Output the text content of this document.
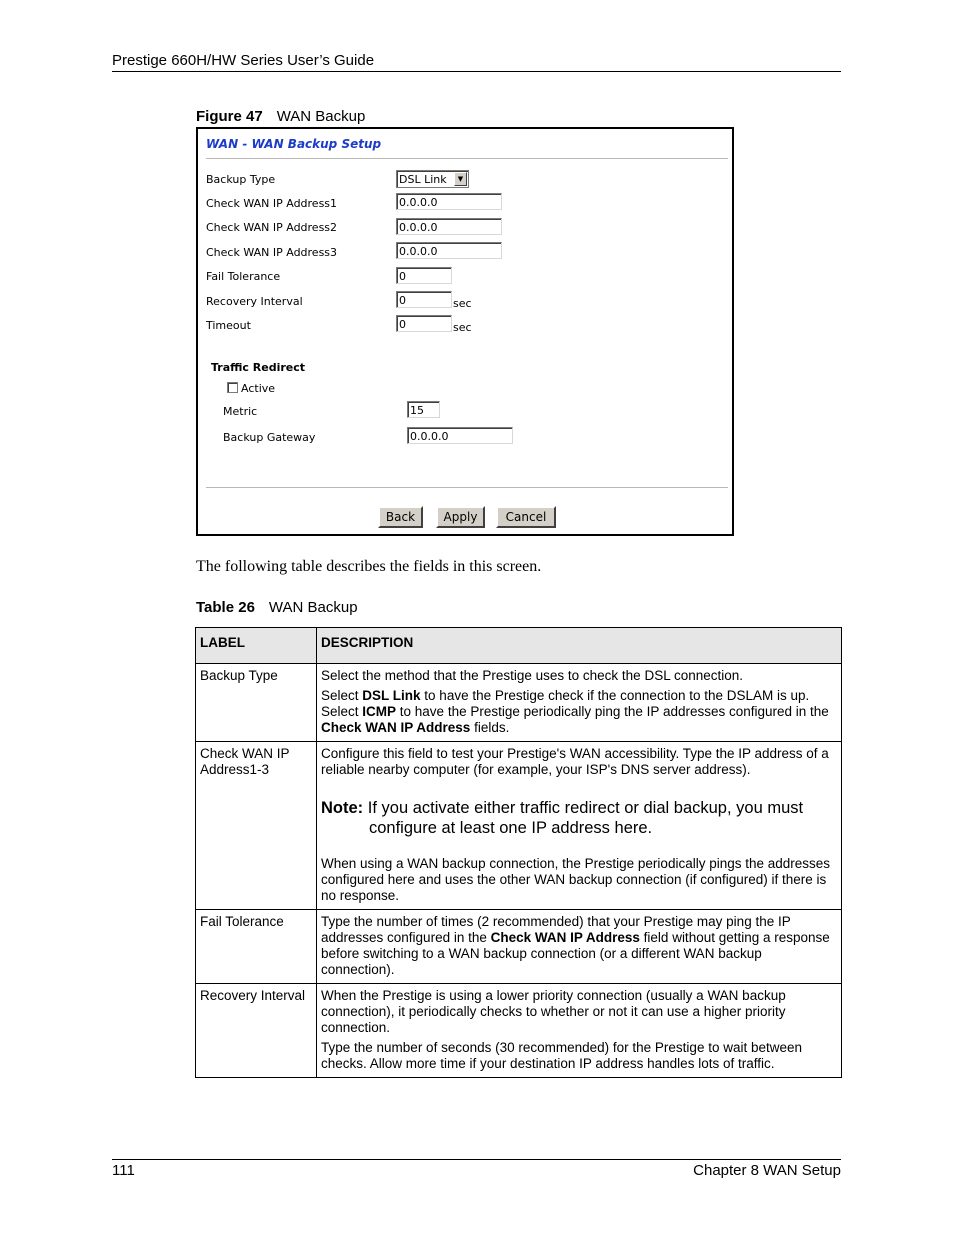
Prestige 660H/HW Series User’s Guide
Figure 47 WAN Backup
WAN - WAN Backup Setup
Backup Type	DSL Link	▼
Check WAN IP Address1	0.0.0.0
Check WAN IP Address2	0.0.0.0
Check WAN IP Address3	0.0.0.0
Fail Tolerance	0
Recovery Interval	0	sec
Timeout	0	sec
Traffic Redirect
Active
Metric	15
Backup Gateway	0.0.0.0
Back	Apply	Cancel
The following table describes the fields in this screen.
Table 26 WAN Backup
LABEL	DESCRIPTION
Backup Type	Select the method that the Prestige uses to check the DSL connection.

Select DSL Link to have the Prestige check if the connection to the DSLAM is up. Select ICMP to have the Prestige periodically ping the IP addresses configured in the Check WAN IP Address fields.

Check WAN IP Address1-3	Configure this field to test your Prestige's WAN accessibility. Type the IP address of a reliable nearby computer (for example, your ISP's DNS server address).

Note: If you activate either traffic redirect or dial backup, you must
configure at least one IP address here.

When using a WAN backup connection, the Prestige periodically pings the addresses configured here and uses the other WAN backup connection (if configured) if there is no response.

Fail Tolerance	Type the number of times (2 recommended) that your Prestige may ping the IP addresses configured in the Check WAN IP Address field without getting a response before switching to a WAN backup connection (or a different WAN backup connection).

Recovery Interval	When the Prestige is using a lower priority connection (usually a WAN backup connection), it periodically checks to whether or not it can use a higher priority connection.

Type the number of seconds (30 recommended) for the Prestige to wait between checks. Allow more time if your destination IP address handles lots of traffic.

111	Chapter 8 WAN Setup
